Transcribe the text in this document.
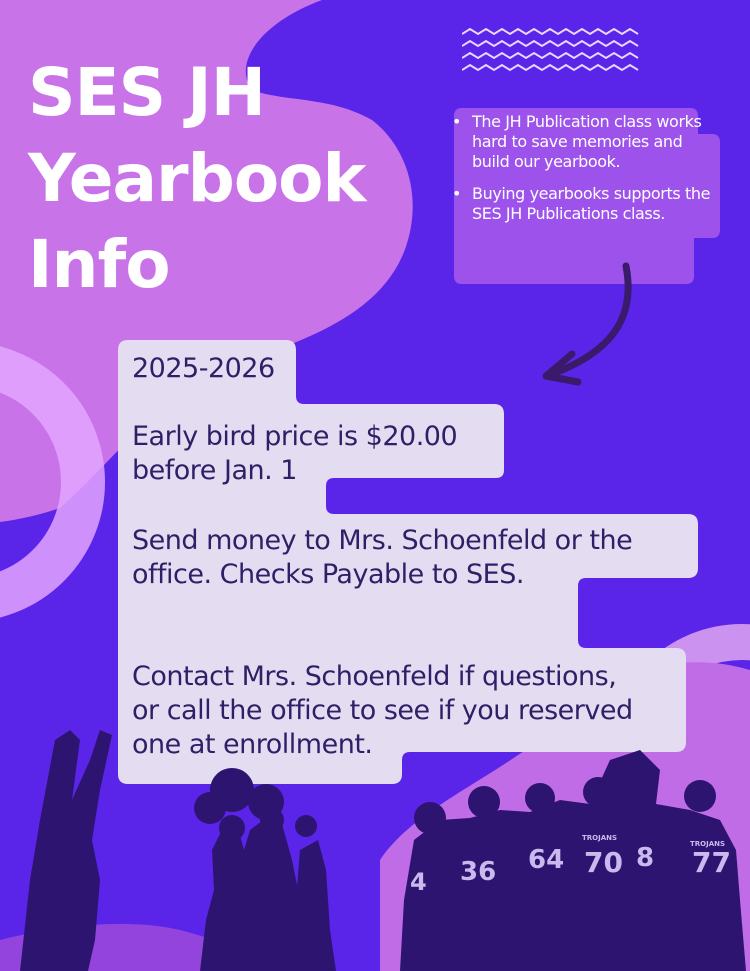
SES JH
Yearbook
Info
• The JH Publication class works hard to save memories and build our yearbook.
• Buying yearbooks supports the SES JH Publications class.

2025-2026

Early bird price is $20.00

before Jan. 1

Send money to Mrs. Schoenfeld or the

office. Checks Payable to SES.

Contact Mrs. Schoenfeld if questions,

or call the office to see if you reserved

one at enrollment.

4 36 64 70 8 77
TROJANS
TROJANS
